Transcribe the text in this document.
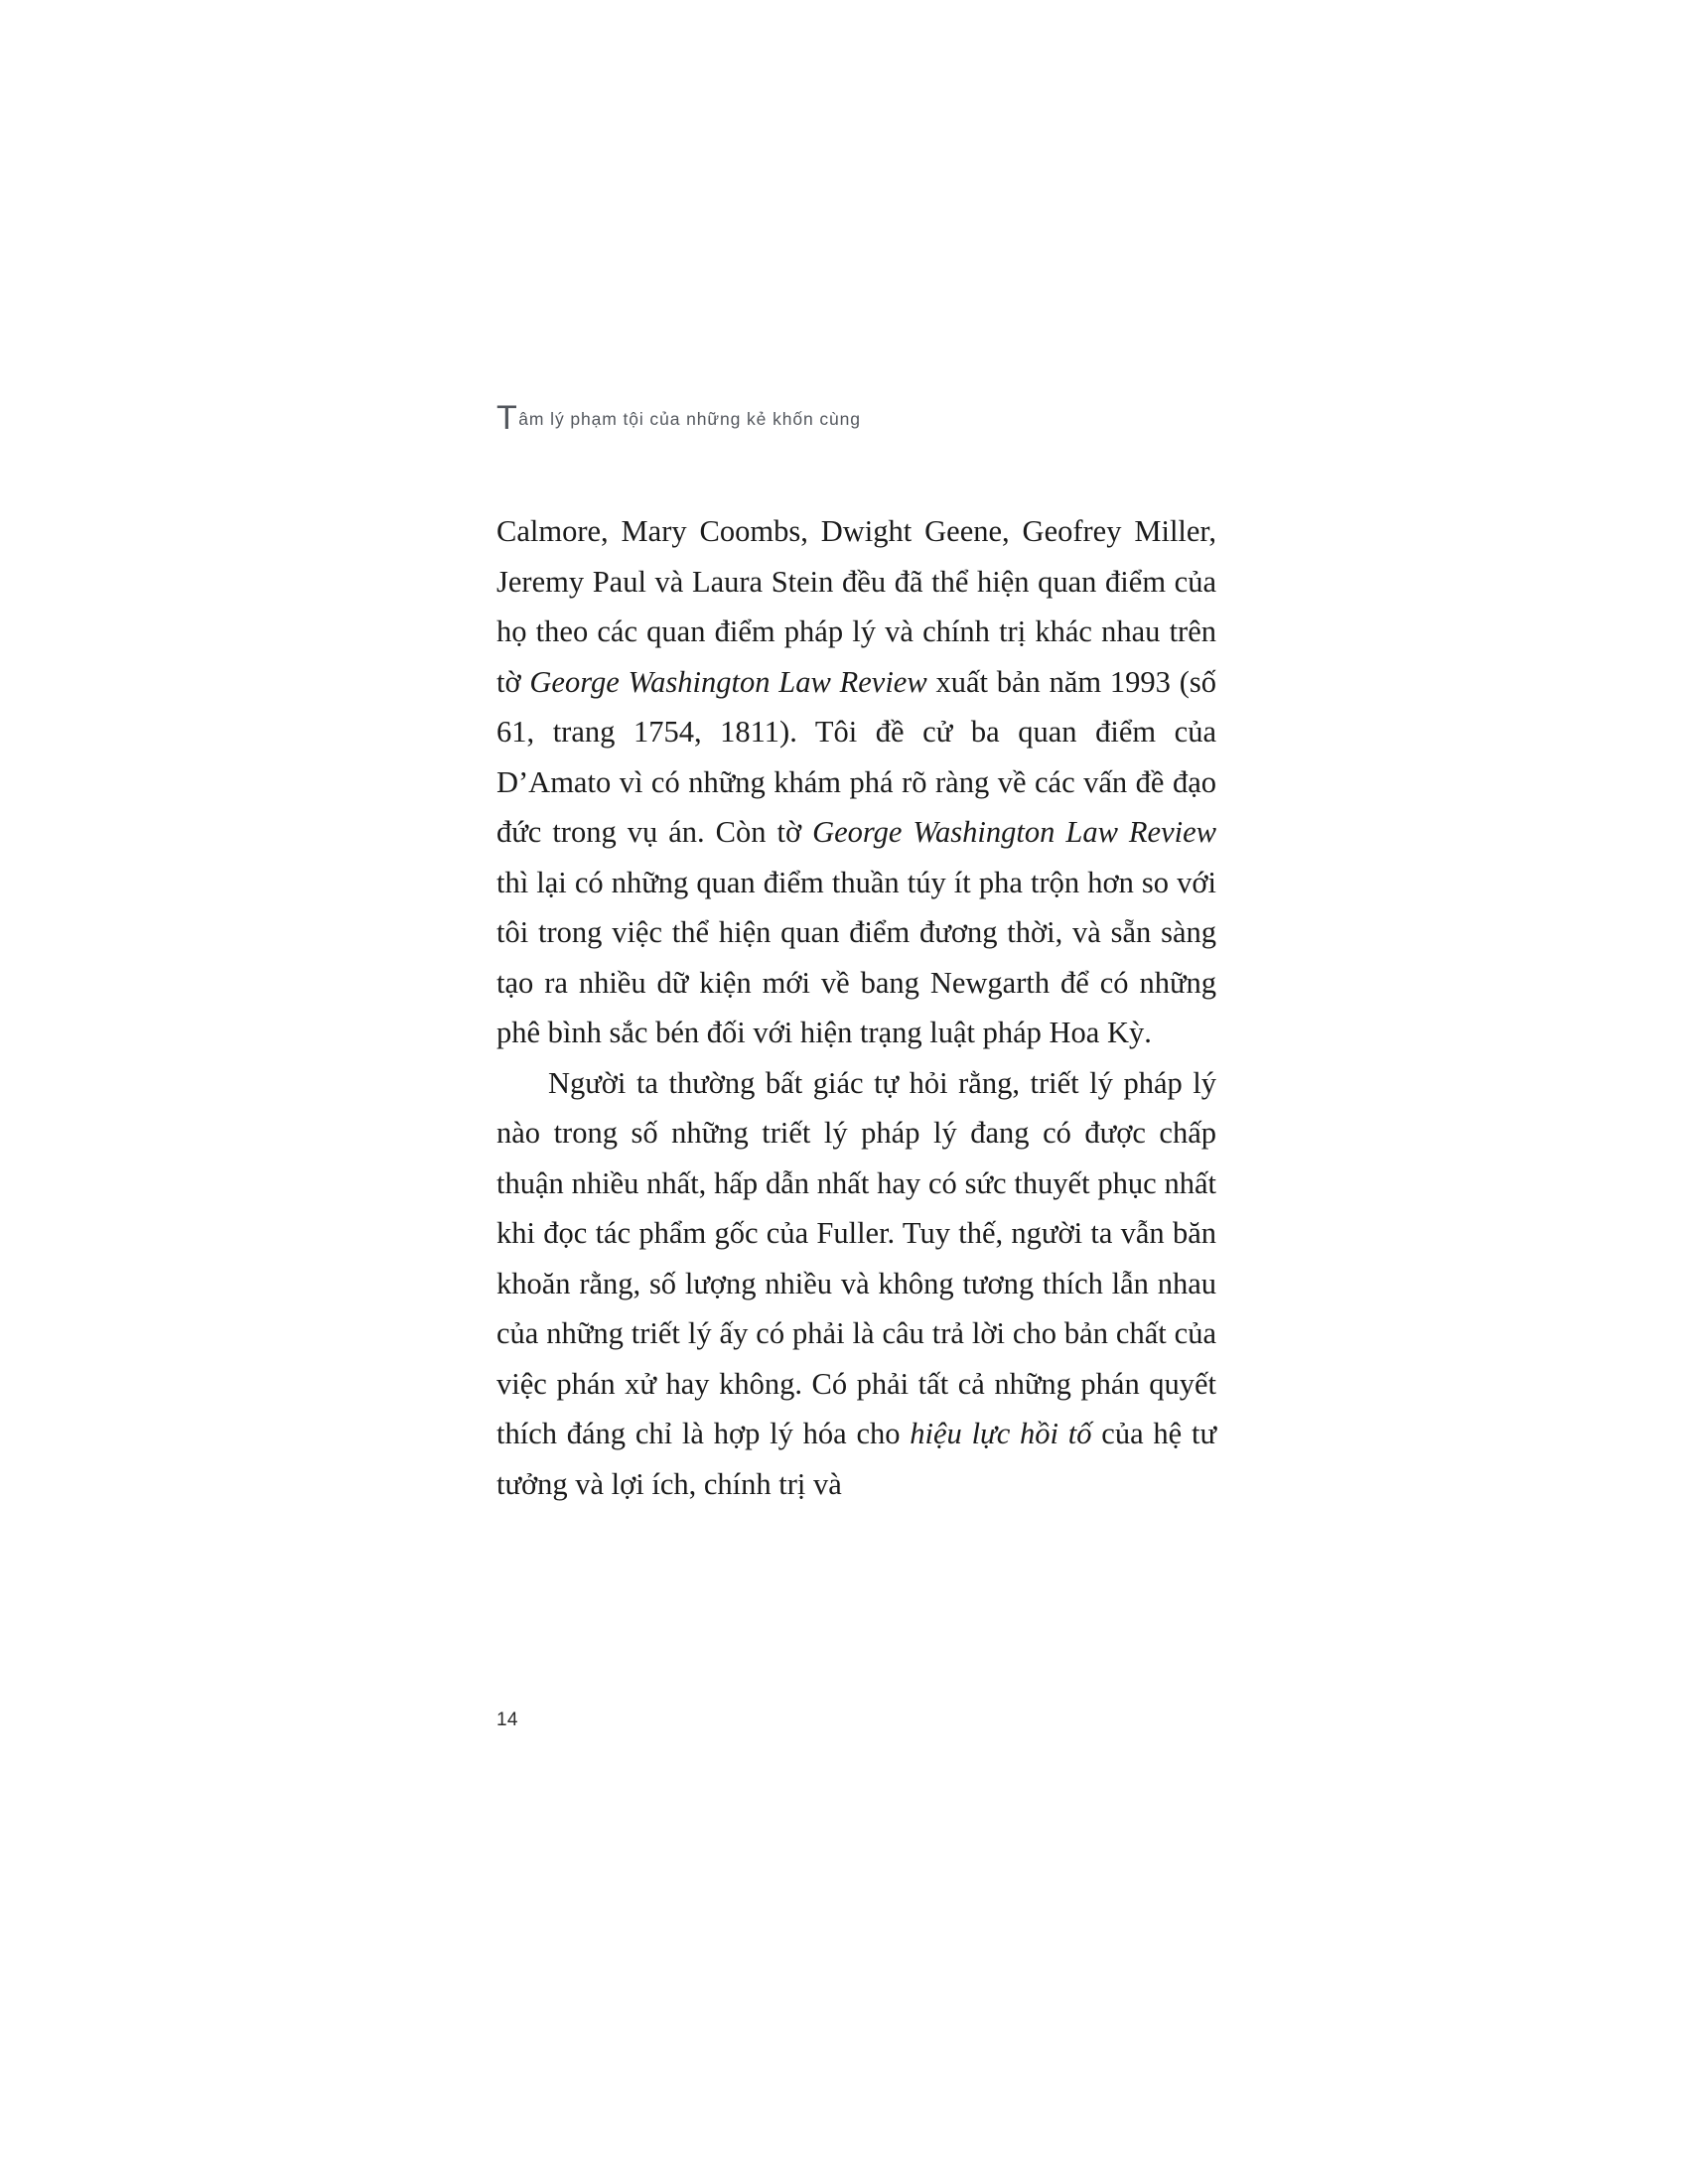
T âm lý phạm tội của những kẻ khốn cùng

Calmore, Mary Coombs, Dwight Geene, Geofrey Miller, Jeremy Paul và Laura Stein đều đã thể hiện quan điểm của họ theo các quan điểm pháp lý và chính trị khác nhau trên tờ George Washington Law Review xuất bản năm 1993 (số 61, trang 1754, 1811). Tôi đề cử ba quan điểm của D’Amato vì có những khám phá rõ ràng về các vấn đề đạo đức trong vụ án. Còn tờ George Washington Law Review thì lại có những quan điểm thuần túy ít pha trộn hơn so với tôi trong việc thể hiện quan điểm đương thời, và sẵn sàng tạo ra nhiều dữ kiện mới về bang Newgarth để có những phê bình sắc bén đối với hiện trạng luật pháp Hoa Kỳ.

Người ta thường bất giác tự hỏi rằng, triết lý pháp lý nào trong số những triết lý pháp lý đang có được chấp thuận nhiều nhất, hấp dẫn nhất hay có sức thuyết phục nhất khi đọc tác phẩm gốc của Fuller. Tuy thế, người ta vẫn băn khoăn rằng, số lượng nhiều và không tương thích lẫn nhau của những triết lý ấy có phải là câu trả lời cho bản chất của việc phán xử hay không. Có phải tất cả những phán quyết thích đáng chỉ là hợp lý hóa cho hiệu lực hồi tố của hệ tư tưởng và lợi ích, chính trị và

14
